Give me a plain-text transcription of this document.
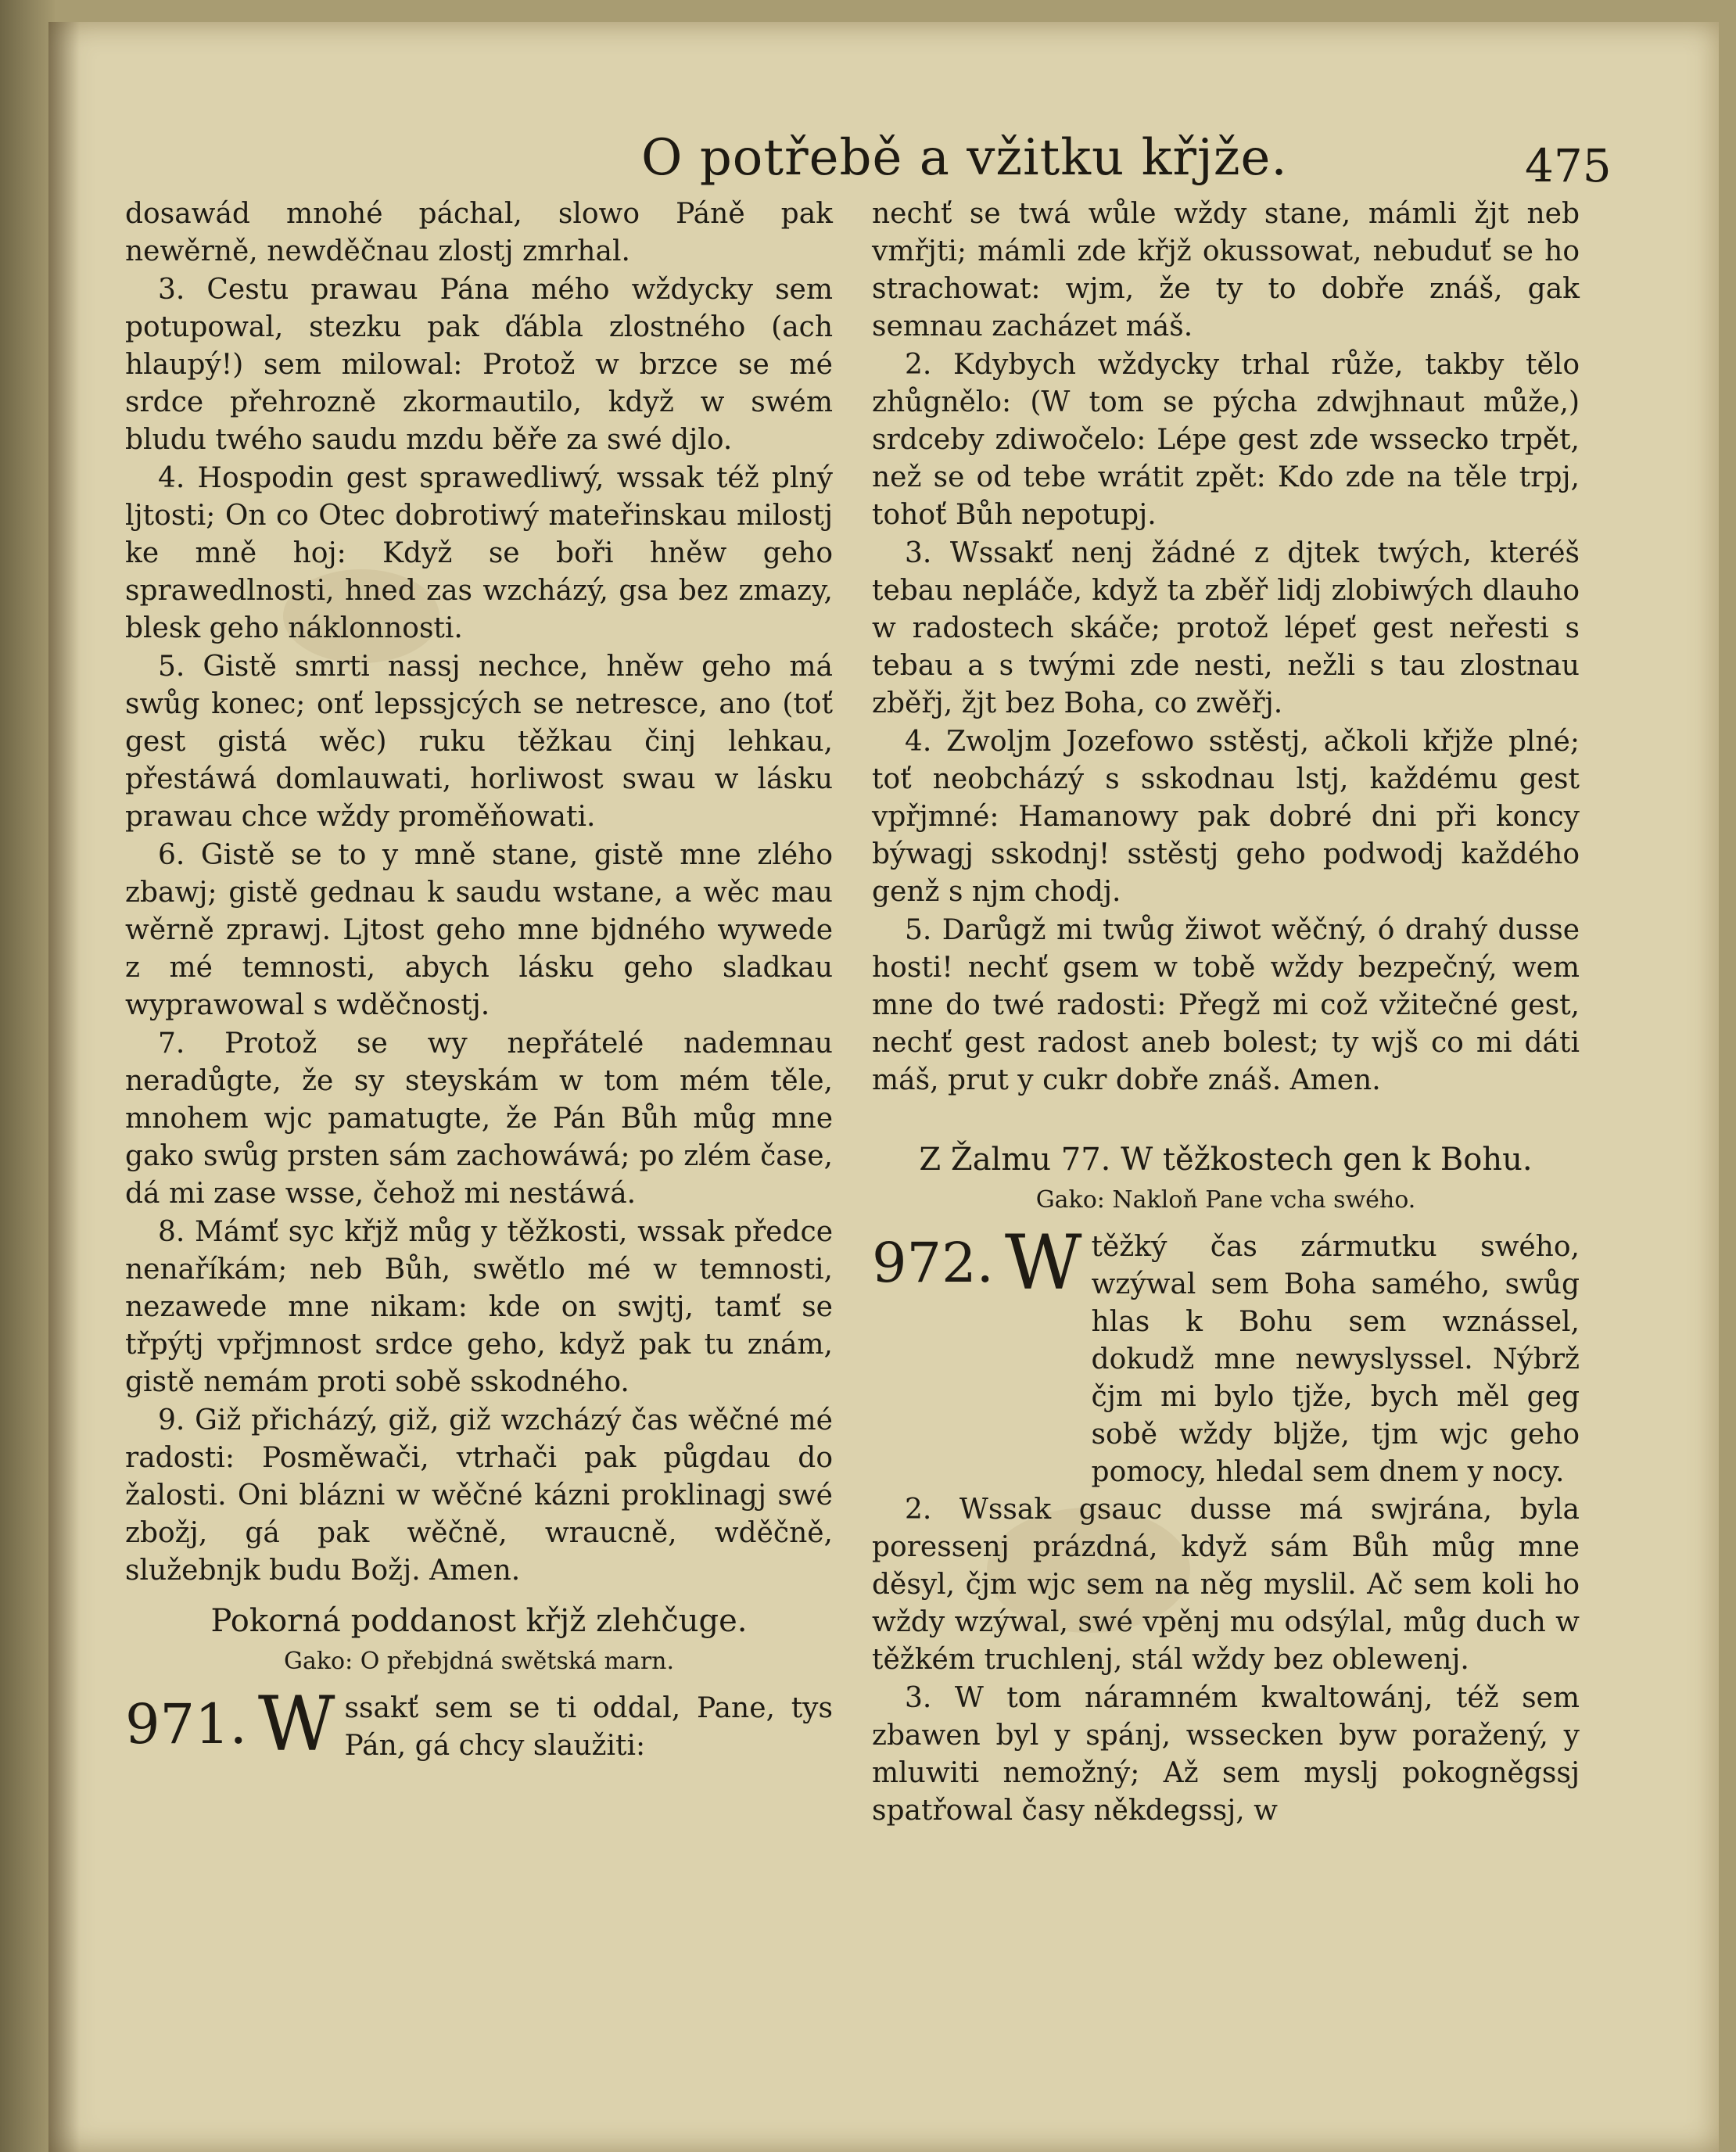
O potřebě a vžitku křjže.	475

dosawád mnohé páchal, slowo Páně pak newěrně, newděčnau zlostj zmrhal.

3. Cestu prawau Pána mého wždycky sem potupowal, stezku pak ďábla zlostného (ach hlaupý!) sem milowal: Protož w brzce se mé srdce přehrozně zkormautilo, když w swém bludu twého saudu mzdu běře za swé djlo.

4. Hospodin gest sprawedliwý, wssak též plný ljtosti; On co Otec dobrotiwý mateřinskau milostj ke mně hoj: Když se boři hněw geho sprawedlnosti, hned zas wzcházý, gsa bez zmazy, blesk geho náklonnosti.

5. Gistě smrti nassj nechce, hněw geho má swůg konec; onť lepssjcých se netresce, ano (toť gest gistá wěc) ruku těžkau činj lehkau, přestáwá domlauwati, horliwost swau w lásku prawau chce wždy proměňowati.

6. Gistě se to y mně stane, gistě mne zlého zbawj; gistě gednau k saudu wstane, a wěc mau wěrně zprawj. Ljtost geho mne bjdného wywede z mé temnosti, abych lásku geho sladkau wyprawowal s wděčnostj.

7. Protož se wy nepřátelé nademnau neradůgte, že sy steyskám w tom mém těle, mnohem wjc pamatugte, že Pán Bůh můg mne gako swůg prsten sám zachowáwá; po zlém čase, dá mi zase wsse, čehož mi nestáwá.

8. Mámť syc křjž můg y těžkosti, wssak předce nenaříkám; neb Bůh, swětlo mé w temnosti, nezawede mne nikam: kde on swjtj, tamť se třpýtj vpřjmnost srdce geho, když pak tu znám, gistě nemám proti sobě sskodného.

9. Giž přicházý, giž, giž wzcházý čas wěčné mé radosti: Posměwači, vtrhači pak půgdau do žalosti. Oni blázni w wěčné kázni proklinagj swé zbožj, gá pak wěčně, wraucně, wděčně, služebnjk budu Božj. Amen.

Pokorná poddanost křjž zlehčuge.
Gako: O přebjdná swětská marn.
971. W ssakť sem se ti oddal, Pane, tys Pán, gá chcy slaužiti:

nechť se twá wůle wždy stane, mámli žjt neb vmřjti; mámli zde křjž okussowat, nebuduť se ho strachowat: wjm, že ty to dobře znáš, gak semnau zacházet máš.

2. Kdybych wždycky trhal růže, takby tělo zhůgnělo: (W tom se pýcha zdwjhnaut může,) srdceby zdiwočelo: Lépe gest zde wssecko trpět, než se od tebe wrátit zpět: Kdo zde na těle trpj, tohoť Bůh nepotupj.

3. Wssakť nenj žádné z djtek twých, kteréš tebau nepláče, když ta zběř lidj zlobiwých dlauho w radostech skáče; protož lépeť gest neřesti s tebau a s twými zde nesti, nežli s tau zlostnau zběřj, žjt bez Boha, co zwěřj.

4. Zwoljm Jozefowo sstěstj, ačkoli křjže plné; toť neobcházý s sskodnau lstj, každému gest vpřjmné: Hamanowy pak dobré dni při koncy býwagj sskodnj! sstěstj geho podwodj každého genž s njm chodj.

5. Darůgž mi twůg žiwot wěčný, ó drahý dusse hosti! nechť gsem w tobě wždy bezpečný, wem mne do twé radosti: Přegž mi což vžitečné gest, nechť gest radost aneb bolest; ty wjš co mi dáti máš, prut y cukr dobře znáš. Amen.

Z Žalmu 77. W těžkostech gen k Bohu.
Gako: Nakloň Pane vcha swého.
972. W těžký čas zármutku swého, wzýwal sem Boha samého, swůg hlas k Bohu sem wznássel, dokudž mne newyslyssel. Nýbrž čjm mi bylo tjže, bych měl geg sobě wždy bljže, tjm wjc geho pomocy, hledal sem dnem y nocy.

2. Wssak gsauc dusse má swjrána, byla poressenj prázdná, když sám Bůh můg mne děsyl, čjm wjc sem na něg myslil. Ač sem koli ho wždy wzýwal, swé vpěnj mu odsýlal, můg duch w těžkém truchlenj, stál wždy bez oblewenj.

3. W tom náramném kwaltowánj, též sem zbawen byl y spánj, wssecken byw poražený, y mluwiti nemožný; Až sem myslj pokogněgssj spatřowal časy někdegssj, w
